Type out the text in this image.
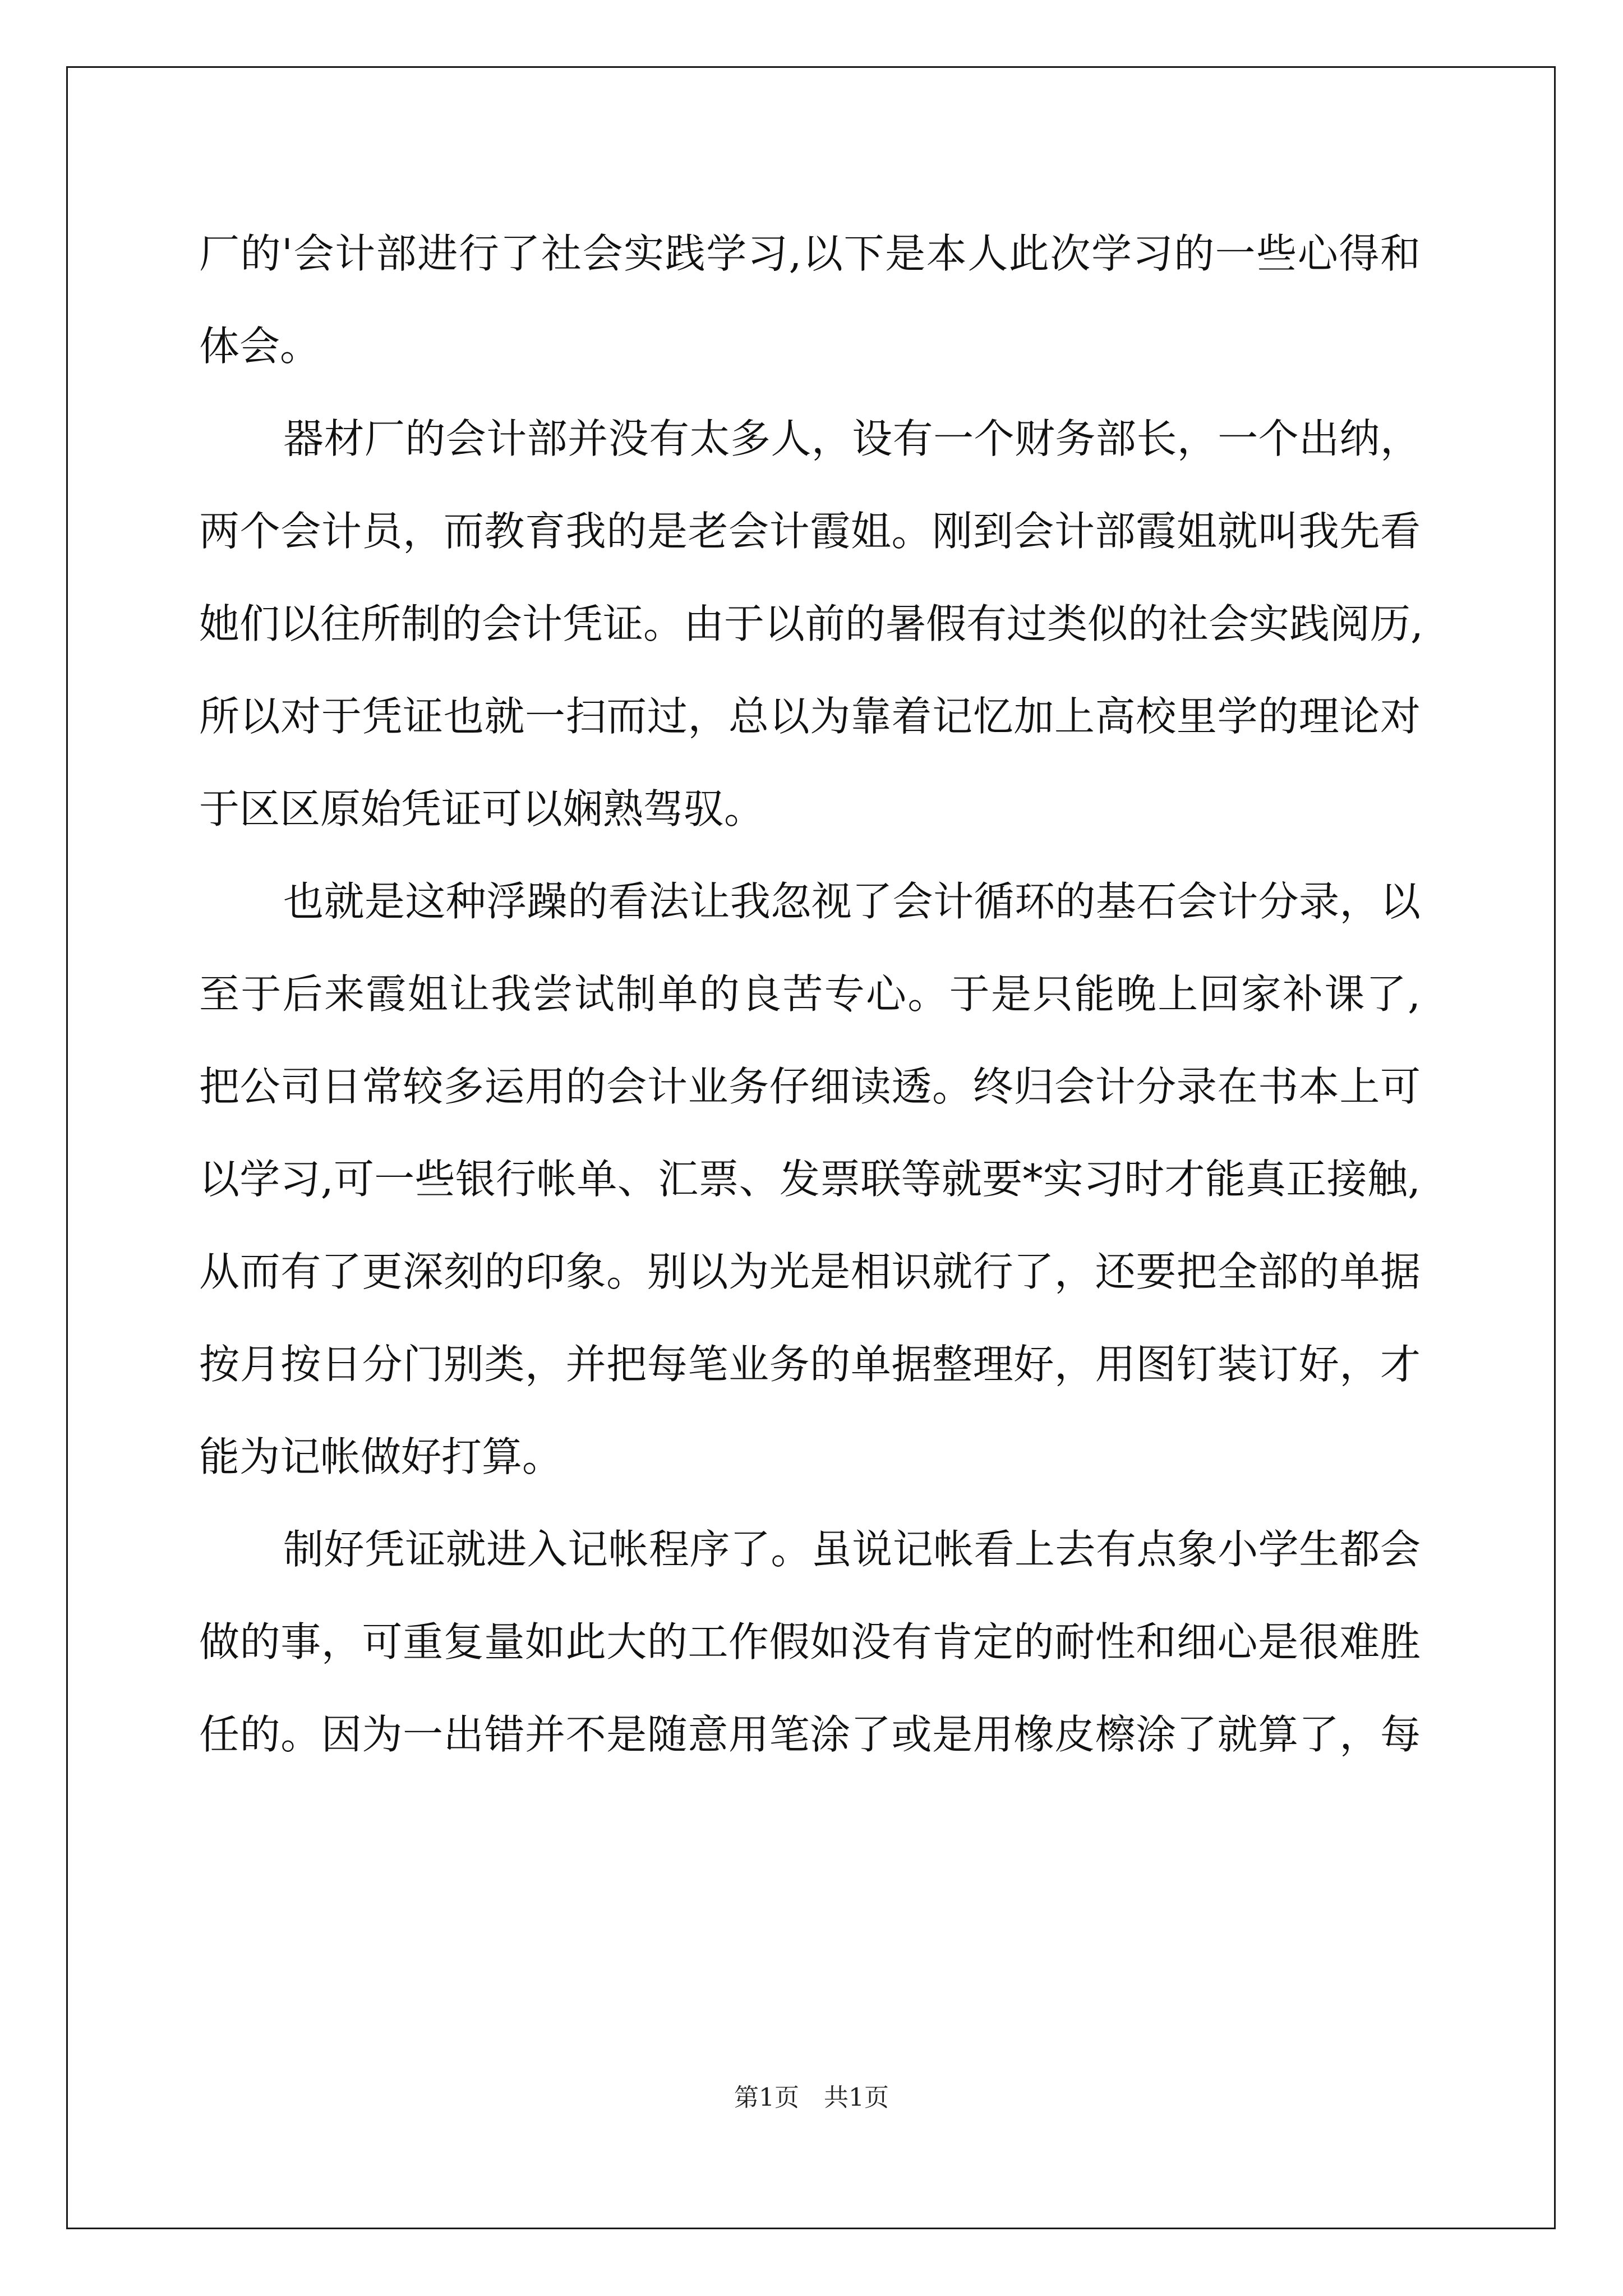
厂的'会计部进行了社会实践学习,以下是本人此次学习的一些心得和
体会。
器材厂的会计部并没有太多人，设有一个财务部长，一个出纳，
两个会计员，而教育我的是老会计霞姐。刚到会计部霞姐就叫我先看
她们以往所制的会计凭证。由于以前的暑假有过类似的社会实践阅历,
所以对于凭证也就一扫而过，总以为靠着记忆加上高校里学的理论对
于区区原始凭证可以娴熟驾驭。
也就是这种浮躁的看法让我忽视了会计循环的基石会计分录，以
至于后来霞姐让我尝试制单的良苦专心。于是只能晚上回家补课了,
把公司日常较多运用的会计业务仔细读透。终归会计分录在书本上可
以学习,可一些银行帐单、汇票、发票联等就要*实习时才能真正接触,
从而有了更深刻的印象。别以为光是相识就行了，还要把全部的单据
按月按日分门别类，并把每笔业务的单据整理好，用图钉装订好，才
能为记帐做好打算。
制好凭证就进入记帐程序了。虽说记帐看上去有点象小学生都会
做的事，可重复量如此大的工作假如没有肯定的耐性和细心是很难胜
任的。因为一出错并不是随意用笔涂了或是用橡皮檫涂了就算了，每
第1页 共1页
